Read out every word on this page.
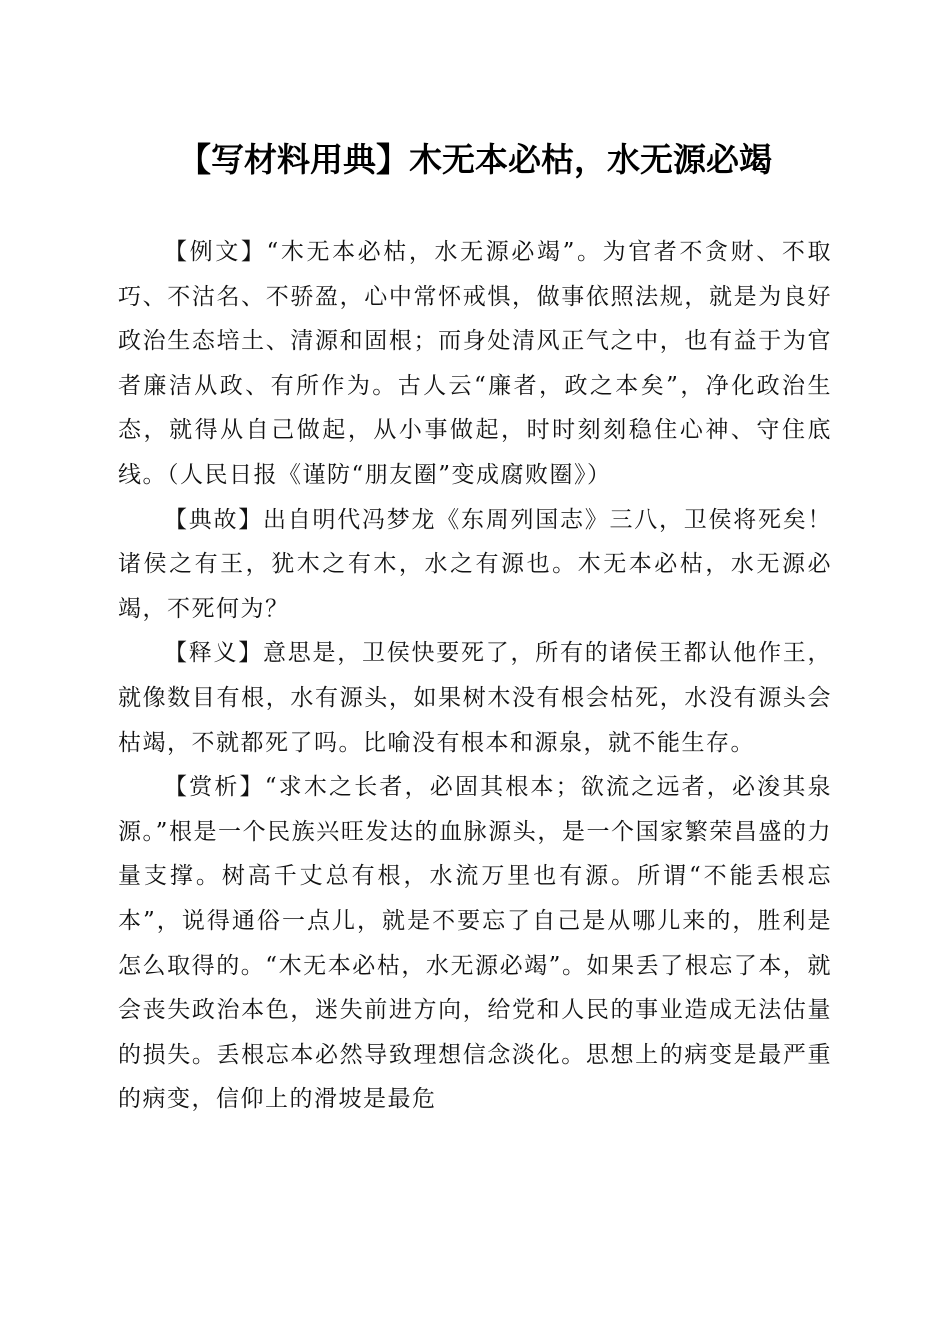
【写材料用典】木无本必枯，水无源必竭

【例文】“木无本必枯，水无源必竭”。为官者不贪财、不取巧、不沽名、不骄盈，心中常怀戒惧，做事依照法规，就是为良好政治生态培土、清源和固根；而身处清风正气之中，也有益于为官者廉洁从政、有所作为。古人云“廉者，政之本矣”，净化政治生态，就得从自己做起，从小事做起，时时刻刻稳住心神、守住底线。（人民日报《谨防“朋友圈”变成腐败圈》）

【典故】出自明代冯梦龙《东周列国志》三八，卫侯将死矣！诸侯之有王，犹木之有木，水之有源也。木无本必枯，水无源必竭，不死何为？

【释义】意思是，卫侯快要死了，所有的诸侯王都认他作王，就像数目有根，水有源头，如果树木没有根会枯死，水没有源头会枯竭，不就都死了吗。比喻没有根本和源泉，就不能生存。

【赏析】“求木之长者，必固其根本；欲流之远者，必浚其泉源。”根是一个民族兴旺发达的血脉源头，是一个国家繁荣昌盛的力量支撑。树高千丈总有根，水流万里也有源。所谓“不能丢根忘本”，说得通俗一点儿，就是不要忘了自己是从哪儿来的，胜利是怎么取得的。“木无本必枯，水无源必竭”。如果丢了根忘了本，就会丧失政治本色，迷失前进方向，给党和人民的事业造成无法估量的损失。丢根忘本必然导致理想信念淡化。思想上的病变是最严重的病变，信仰上的滑坡是最危
